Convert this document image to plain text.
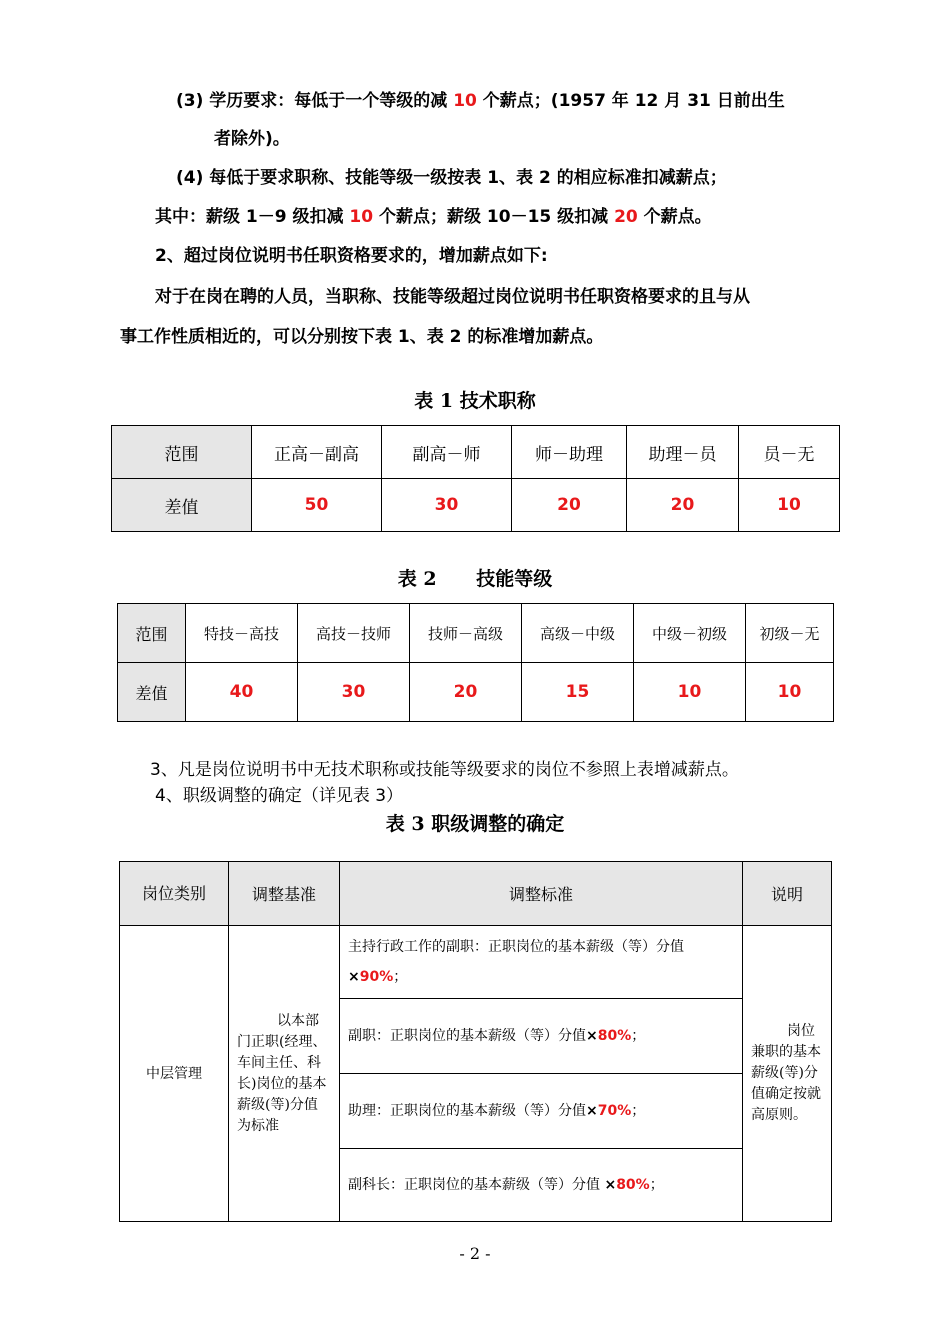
(3) 学历要求：每低于一个等级的减 10 个薪点；(1957 年 12 月 31 日前出生
者除外)。
(4) 每低于要求职称、技能等级一级按表 1、表 2 的相应标准扣减薪点；
其中：薪级 1－9 级扣减 10 个薪点；薪级 10－15 级扣减 20 个薪点。
2、超过岗位说明书任职资格要求的，增加薪点如下:
对于在岗在聘的人员，当职称、技能等级超过岗位说明书任职资格要求的且与从
事工作性质相近的，可以分别按下表 1、表 2 的标准增加薪点。
表 1 技术职称
范围	正高－副高	副高－师	师－助理	助理－员	员－无
差值	50	30	20	20	10
表 2      技能等级
范围	特技－高技	高技－技师	技师－高级	高级－中级	中级－初级	初级－无
差值	40	30	20	15	10	10
3、凡是岗位说明书中无技术职称或技能等级要求的岗位不参照上表增减薪点。
4、职级调整的确定（详见表 3）
表 3 职级调整的确定
岗位类别	调整基准	调整标准	说明
中层管理	以本部门正职(经理、车间主任、科长)岗位的基本薪级(等)分值 为标准	主持行政工作的副职：正职岗位的基本薪级（等）分值×90%；	岗位兼职的基本薪级(等)分值确定按就高原则。
		副职：正职岗位的基本薪级（等）分值×80%；	
		助理：正职岗位的基本薪级（等）分值×70%；	
		副科长：正职岗位的基本薪级（等）分值 ×80%；	
- 2 -
